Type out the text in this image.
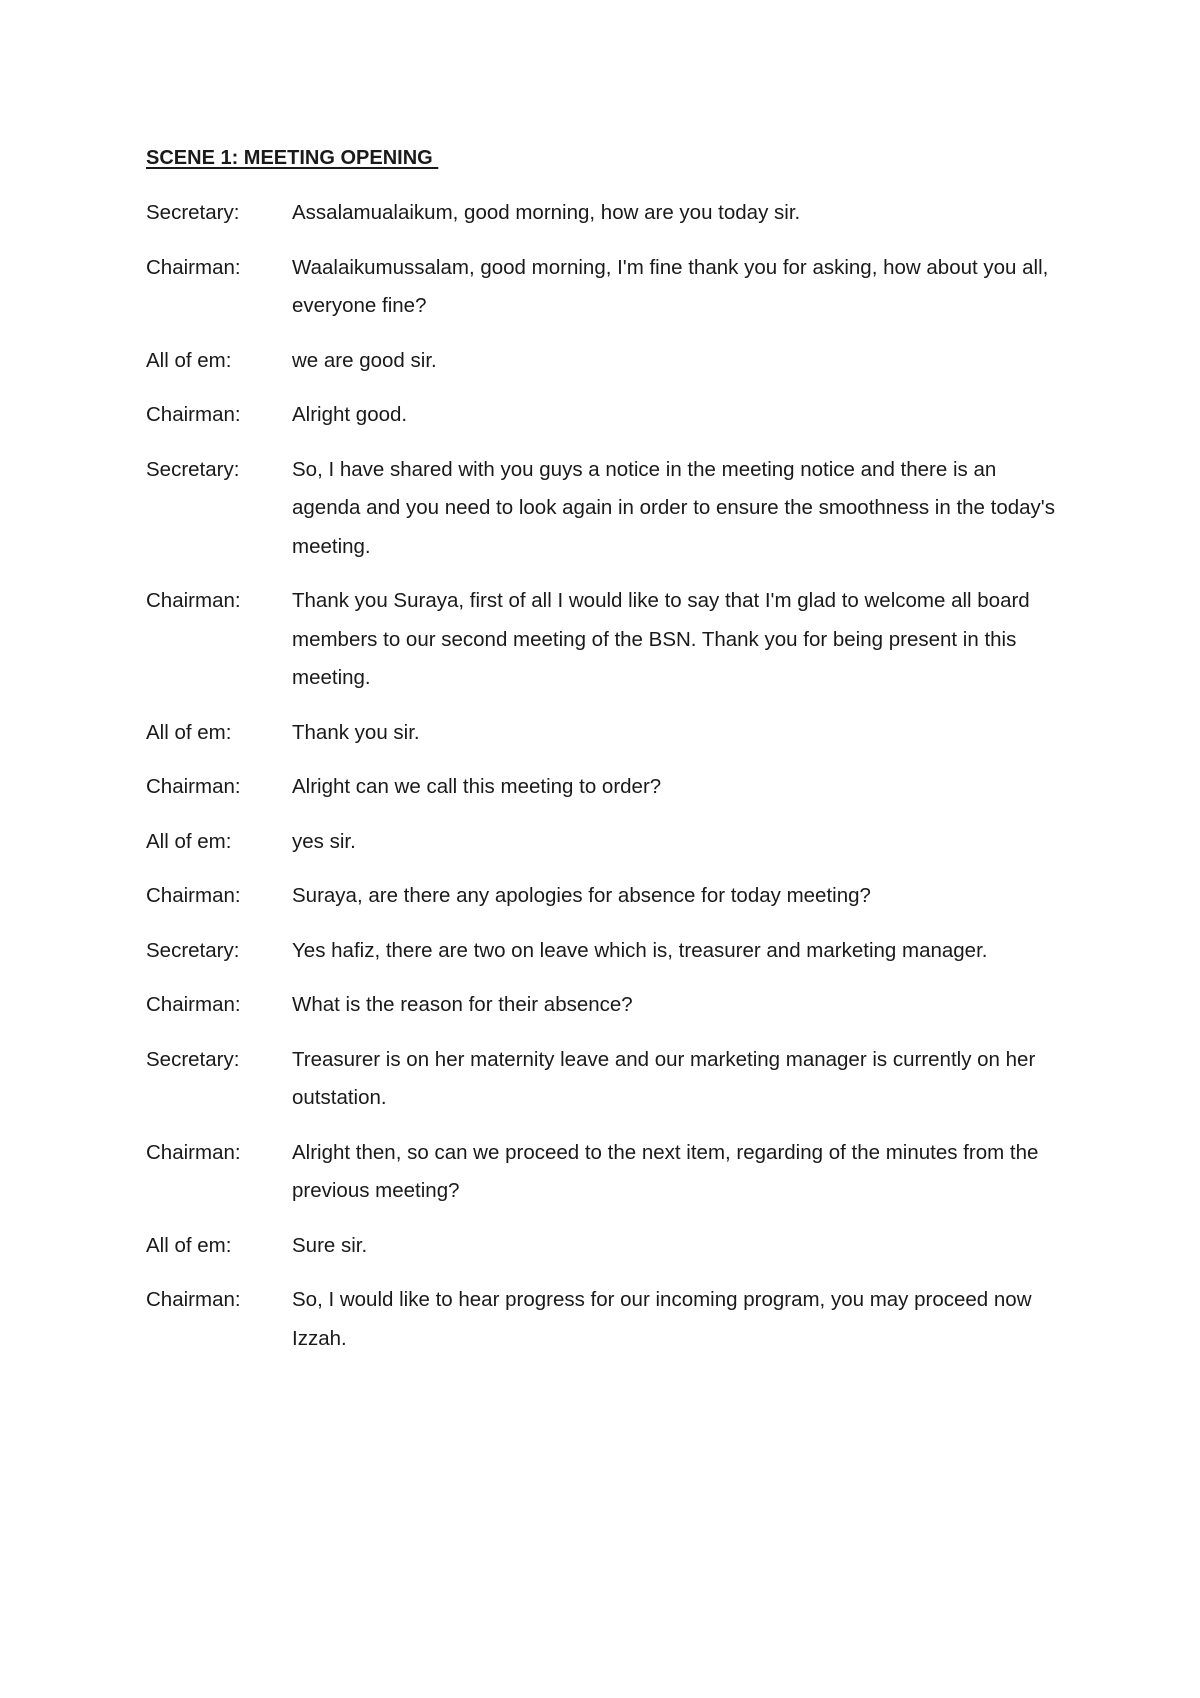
SCENE 1: MEETING OPENING
Secretary:	Assalamualaikum, good morning, how are you today sir.
Chairman:	Waalaikumussalam, good morning, I'm fine thank you for asking, how about you all, everyone fine?
All of em:	we are good sir.
Chairman:	Alright good.
Secretary:	So, I have shared with you guys a notice in the meeting notice and there is an agenda and you need to look again in order to ensure the smoothness in the today's meeting.
Chairman:	Thank you Suraya, first of all I would like to say that I'm glad to welcome all board members to our second meeting of the BSN. Thank you for being present in this meeting.
All of em:	Thank you sir.
Chairman:	Alright can we call this meeting to order?
All of em:	yes sir.
Chairman:	Suraya, are there any apologies for absence for today meeting?
Secretary:	Yes hafiz, there are two on leave which is, treasurer and marketing manager.
Chairman:	What is the reason for their absence?
Secretary:	Treasurer is on her maternity leave and our marketing manager is currently on her outstation.
Chairman:	Alright then, so can we proceed to the next item, regarding of the minutes from the previous meeting?
All of em:	Sure sir.
Chairman:	So, I would like to hear progress for our incoming program, you may proceed now Izzah.
